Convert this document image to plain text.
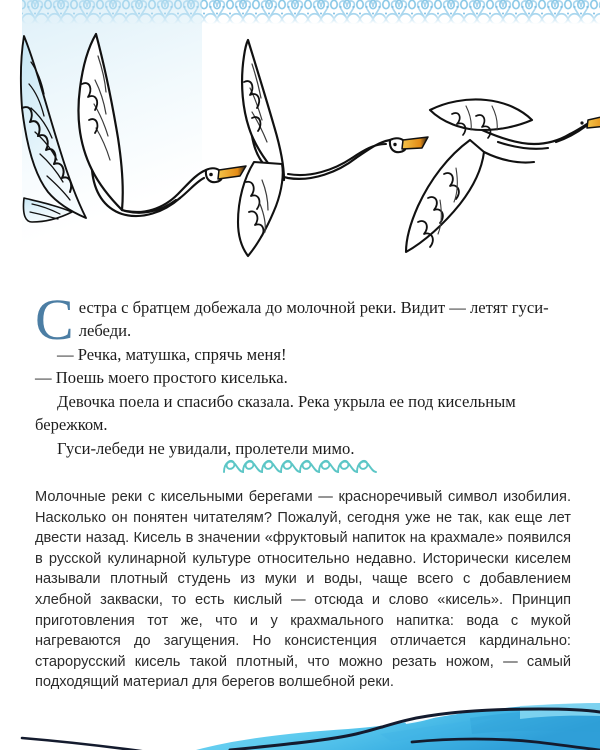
С естра с братцем добежала до молочной реки. Видит — летят гуси-лебеди.

— Речка, матушка, спрячь меня!

— Поешь моего простого киселька.

Девочка поела и спасибо сказала. Река укрыла ее под кисельным бережком.

Гуси-лебеди не увидали, пролетели мимо.

Молочные реки с кисельными берегами — красноречивый символ изобилия. Насколько он понятен читателям? Пожалуй, сегодня уже не так, как еще лет двести назад. Кисель в значении «фруктовый напиток на крахмале» появился в русской кулинарной культуре относительно недавно. Исторически киселем называли плотный студень из муки и воды, чаще всего с добавлением хлебной закваски, то есть кислый — отсюда и слово «кисель». Принцип приготовления тот же, что и у крахмального напитка: вода с мукой нагреваются до загущения. Но консистенция отличается кардинально: старорусский кисель такой плотный, что можно резать ножом, — самый подходящий материал для берегов волшебной реки.
